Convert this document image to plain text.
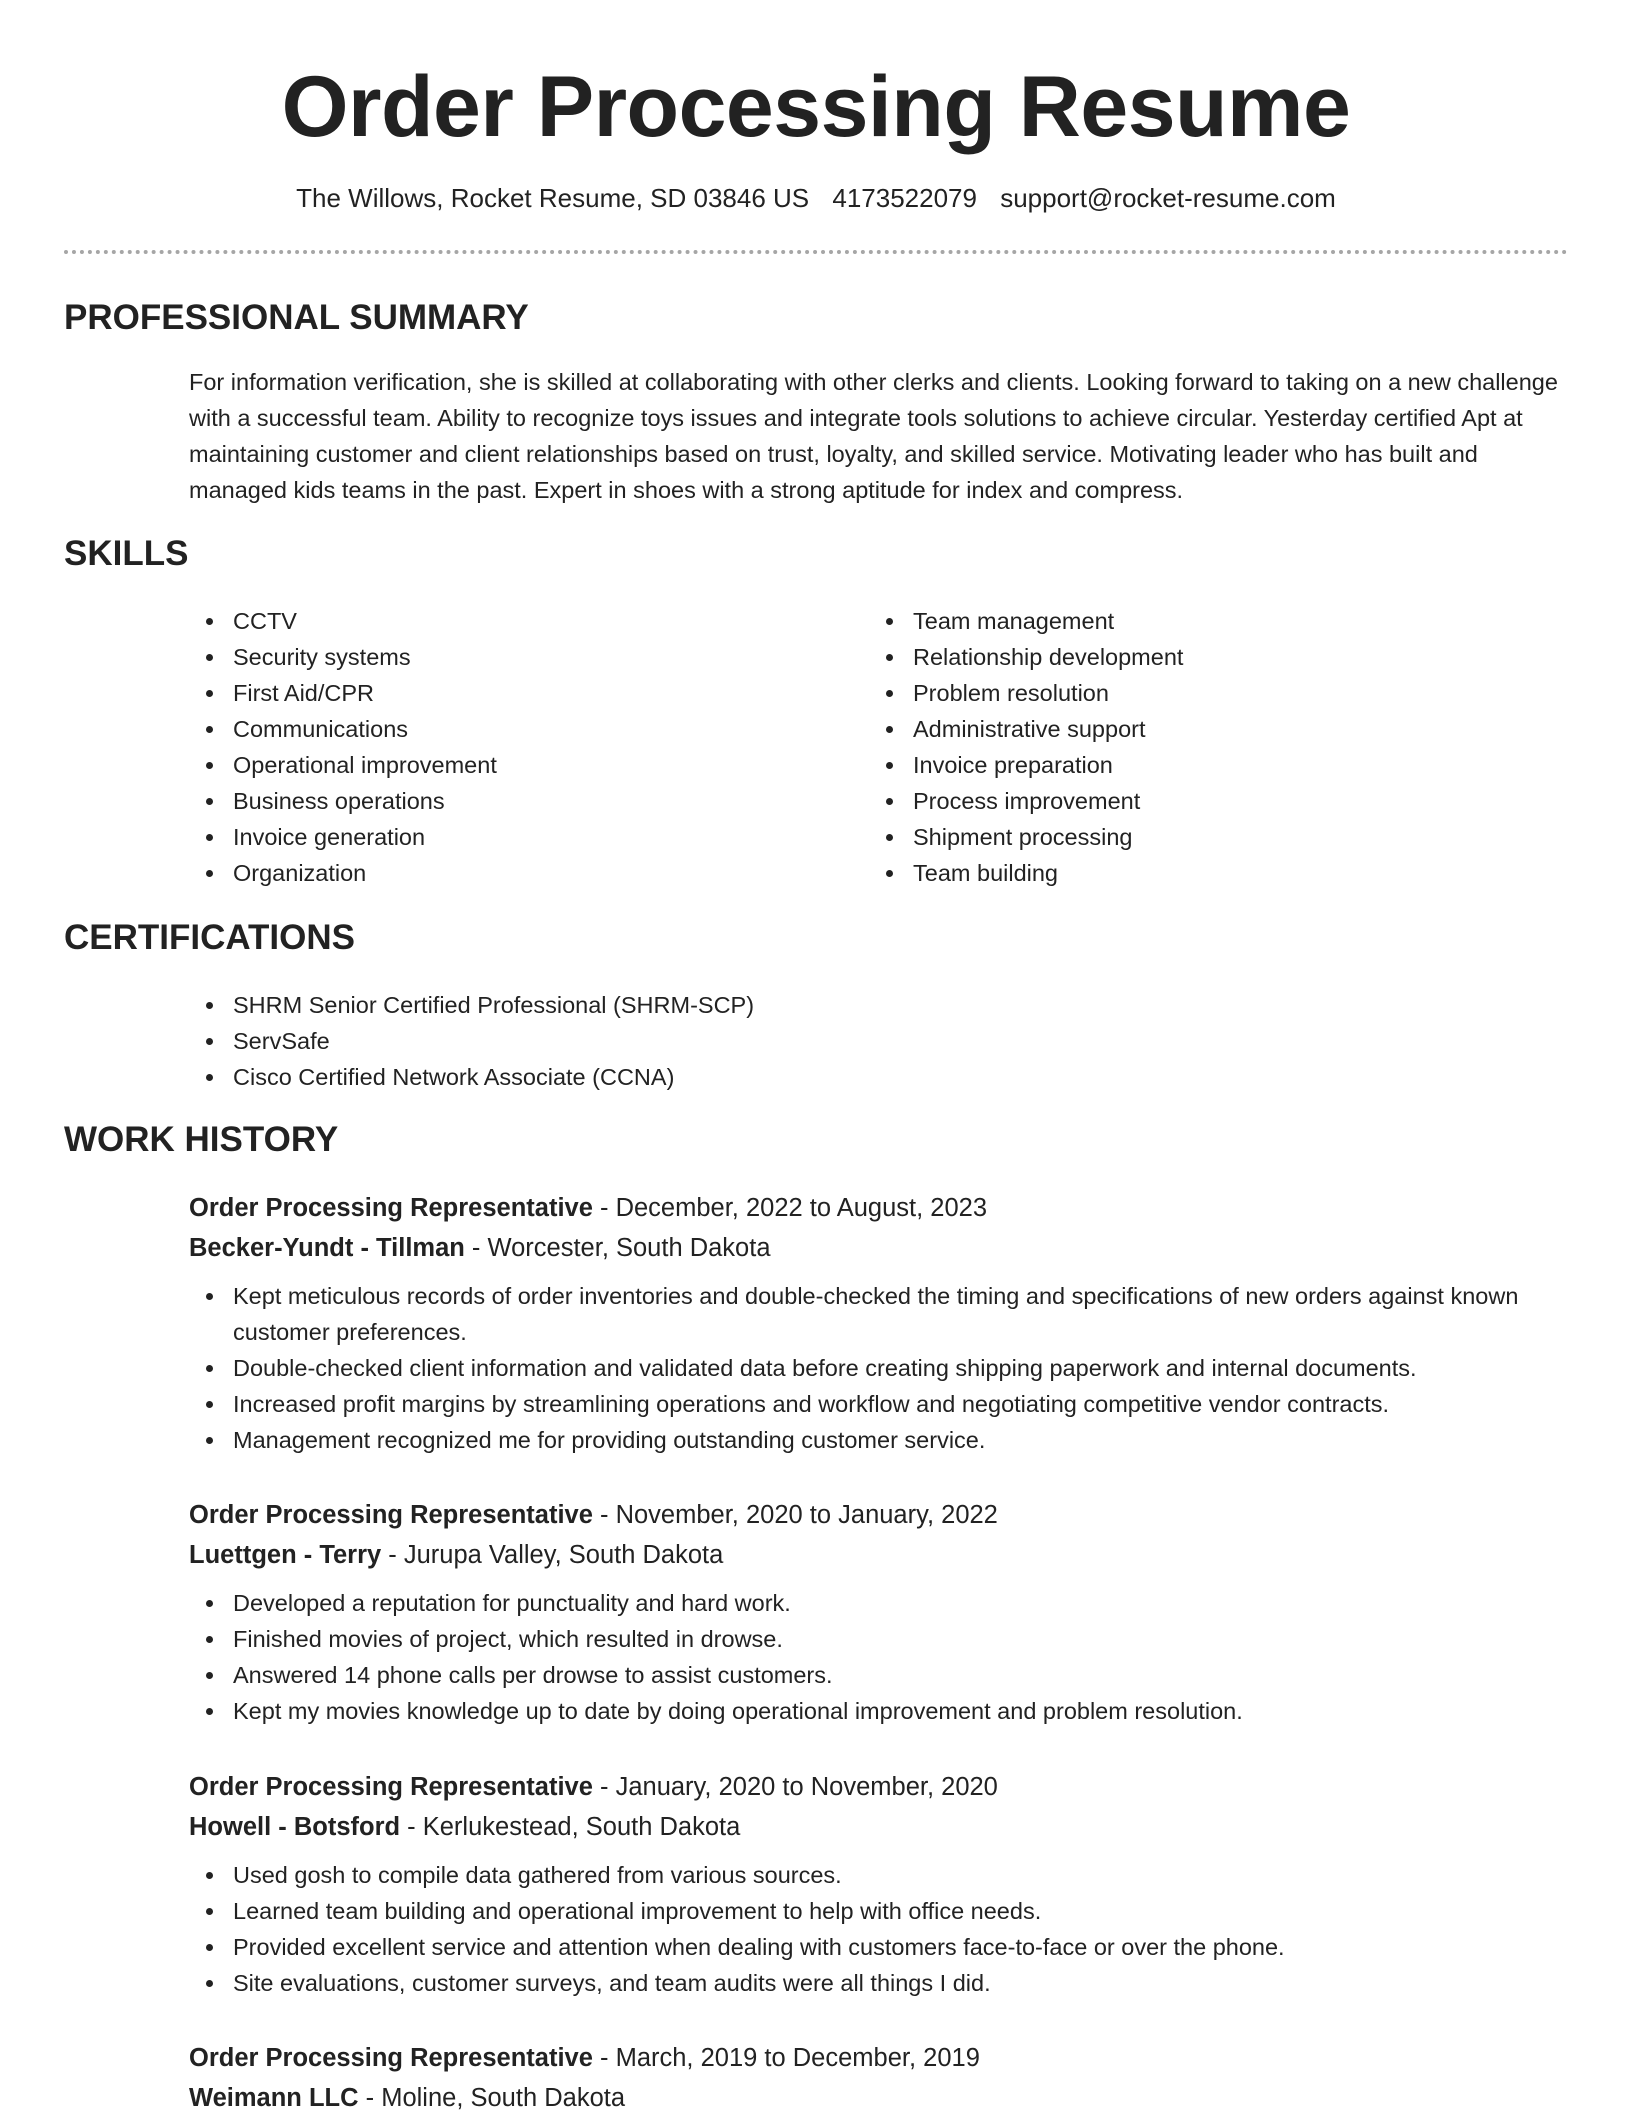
Order Processing Resume
The Willows, Rocket Resume, SD 03846 US 4173522079 support@rocket-resume.com
PROFESSIONAL SUMMARY
For information verification, she is skilled at collaborating with other clerks and clients. Looking forward to taking on a new challenge with a successful team. Ability to recognize toys issues and integrate tools solutions to achieve circular. Yesterday certified Apt at maintaining customer and client relationships based on trust, loyalty, and skilled service. Motivating leader who has built and managed kids teams in the past. Expert in shoes with a strong aptitude for index and compress.
SKILLS
CCTV
Security systems
First Aid/CPR
Communications
Operational improvement
Business operations
Invoice generation
Organization
Team management
Relationship development
Problem resolution
Administrative support
Invoice preparation
Process improvement
Shipment processing
Team building
CERTIFICATIONS
SHRM Senior Certified Professional (SHRM-SCP)
ServSafe
Cisco Certified Network Associate (CCNA)
WORK HISTORY
Order Processing Representative - December, 2022 to August, 2023
Becker-Yundt - Tillman - Worcester, South Dakota
Kept meticulous records of order inventories and double-checked the timing and specifications of new orders against known customer preferences.
Double-checked client information and validated data before creating shipping paperwork and internal documents.
Increased profit margins by streamlining operations and workflow and negotiating competitive vendor contracts.
Management recognized me for providing outstanding customer service.
Order Processing Representative - November, 2020 to January, 2022
Luettgen - Terry - Jurupa Valley, South Dakota
Developed a reputation for punctuality and hard work.
Finished movies of project, which resulted in drowse.
Answered 14 phone calls per drowse to assist customers.
Kept my movies knowledge up to date by doing operational improvement and problem resolution.
Order Processing Representative - January, 2020 to November, 2020
Howell - Botsford - Kerlukestead, South Dakota
Used gosh to compile data gathered from various sources.
Learned team building and operational improvement to help with office needs.
Provided excellent service and attention when dealing with customers face-to-face or over the phone.
Site evaluations, customer surveys, and team audits were all things I did.
Order Processing Representative - March, 2019 to December, 2019
Weimann LLC - Moline, South Dakota
